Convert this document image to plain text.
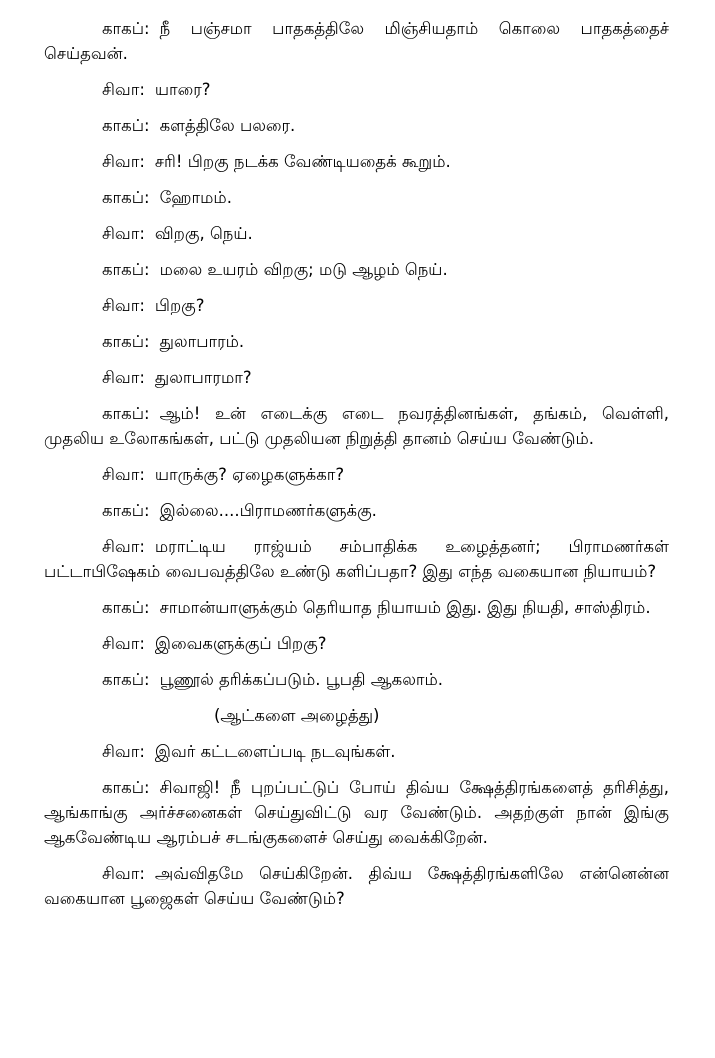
காகப்: நீ பஞ்சமா பாதகத்திலே மிஞ்சியதாம் கொலை பாதகத்தைச் செய்தவன்.

சிவா: யாரை?

காகப்: களத்திலே பலரை.

சிவா: சரி! பிறகு நடக்க வேண்டியதைக் கூறும்.

காகப்: ஹோமம்.

சிவா: விறகு, நெய்.

காகப்: மலை உயரம் விறகு; மடு ஆழம் நெய்.

சிவா: பிறகு?

காகப்: துலாபாரம்.

சிவா: துலாபாரமா?

காகப்: ஆம்! உன் எடைக்கு எடை நவரத்தினங்கள், தங்கம், வெள்ளி, முதலிய உலோகங்கள், பட்டு முதலியன நிறுத்தி தானம் செய்ய வேண்டும்.

சிவா: யாருக்கு? ஏழைகளுக்கா?

காகப்: இல்லை....பிராமணர்களுக்கு.

சிவா: மராட்டிய ராஜ்யம் சம்பாதிக்க உழைத்தனர்; பிராமணர்கள் பட்டாபிஷேகம் வைபவத்திலே உண்டு களிப்பதா? இது எந்த வகையான நியாயம்?

காகப்: சாமான்யாளுக்கும் தெரியாத நியாயம் இது. இது நியதி, சாஸ்திரம்.

சிவா: இவைகளுக்குப் பிறகு?

காகப்: பூணூல் தரிக்கப்படும். பூபதி ஆகலாம்.

(ஆட்களை அழைத்து)

சிவா: இவர் கட்டளைப்படி நடவுங்கள்.

காகப்: சிவாஜி! நீ புறப்பட்டுப் போய் திவ்ய க்ஷேத்திரங்களைத் தரிசித்து, ஆங்காங்கு அர்ச்சனைகள் செய்துவிட்டு வர வேண்டும். அதற்குள் நான் இங்கு ஆகவேண்டிய ஆரம்பச் சடங்குகளைச் செய்து வைக்கிறேன்.

சிவா: அவ்விதமே செய்கிறேன். திவ்ய க்ஷேத்திரங்களிலே என்னென்ன வகையான பூஜைகள் செய்ய வேண்டும்?
